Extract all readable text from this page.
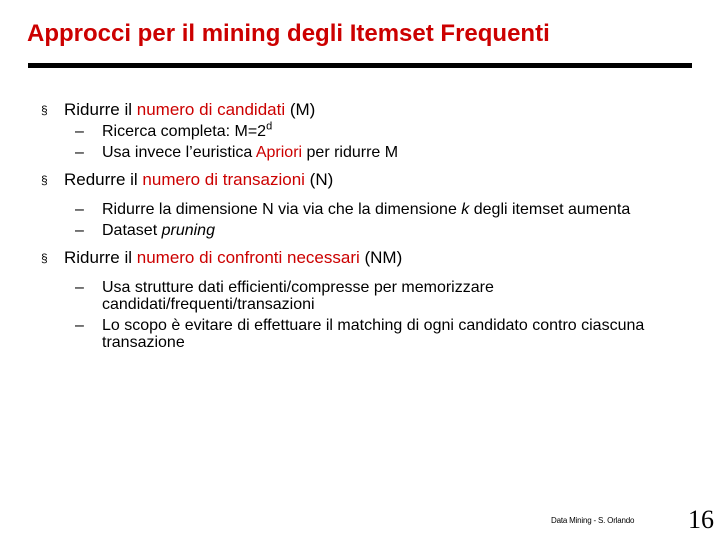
Approcci per il mining degli Itemset Frequenti
§ Ridurre il numero di candidati (M)
– Ricerca completa: $M=2^d$
– Usa invece l’euristica Apriori per ridurre M
§ Redurre il numero di transazioni (N)
– Ridurre la dimensione N via via che la dimensione k degli itemset aumenta
– Dataset pruning
§ Ridurre il numero di confronti necessari (NM)
– Usa strutture dati efficienti/compresse per memorizzare candidati/frequenti/transazioni
– Lo scopo è evitare di effettuare il matching di ogni candidato contro ciascuna transazione
Data Mining - S. Orlando 16
